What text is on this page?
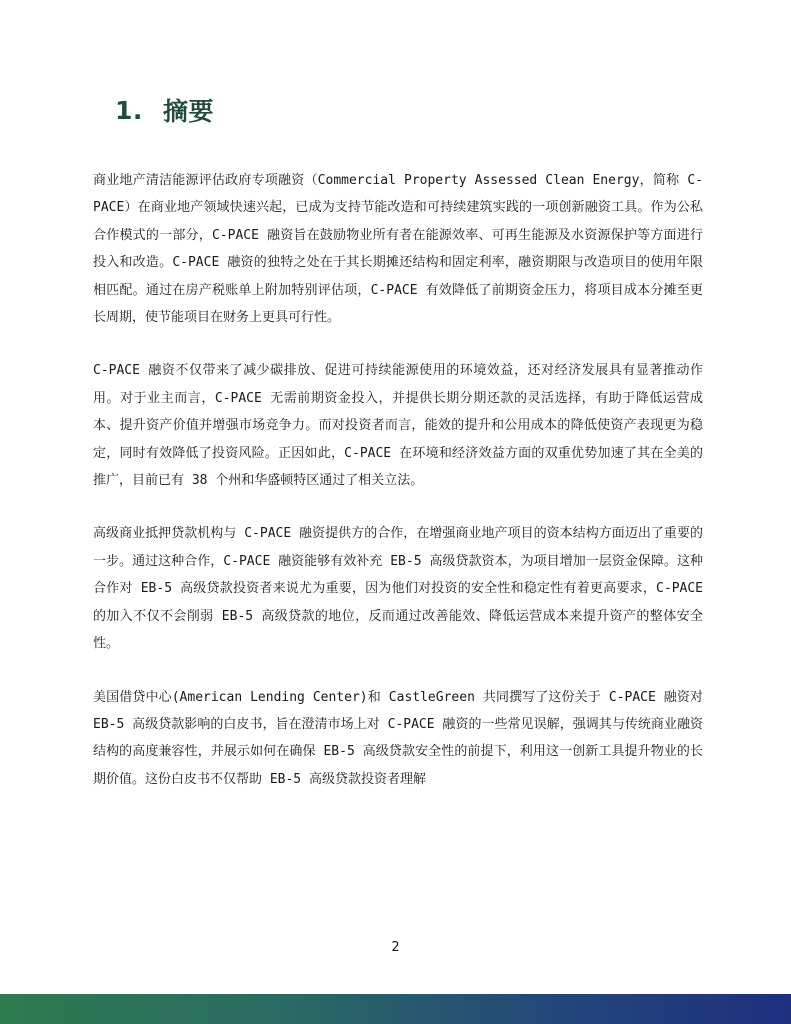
1. 摘要

商业地产清洁能源评估政府专项融资（Commercial Property Assessed Clean Energy，简称 C-PACE）在商业地产领域快速兴起，已成为支持节能改造和可持续建筑实践的一项创新融资工具。作为公私合作模式的一部分，C-PACE 融资旨在鼓励物业所有者在能源效率、可再生能源及水资源保护等方面进行投入和改造。C-PACE 融资的独特之处在于其长期摊还结构和固定利率，融资期限与改造项目的使用年限相匹配。通过在房产税账单上附加特别评估项，C-PACE 有效降低了前期资金压力，将项目成本分摊至更长周期，使节能项目在财务上更具可行性。

C-PACE 融资不仅带来了减少碳排放、促进可持续能源使用的环境效益，还对经济发展具有显著推动作用。对于业主而言，C-PACE 无需前期资金投入，并提供长期分期还款的灵活选择，有助于降低运营成本、提升资产价值并增强市场竞争力。而对投资者而言，能效的提升和公用成本的降低使资产表现更为稳定，同时有效降低了投资风险。正因如此，C-PACE 在环境和经济效益方面的双重优势加速了其在全美的推广，目前已有 38 个州和华盛顿特区通过了相关立法。

高级商业抵押贷款机构与 C-PACE 融资提供方的合作，在增强商业地产项目的资本结构方面迈出了重要的一步。通过这种合作，C-PACE 融资能够有效补充 EB-5 高级贷款资本，为项目增加一层资金保障。这种合作对 EB-5 高级贷款投资者来说尤为重要，因为他们对投资的安全性和稳定性有着更高要求，C-PACE 的加入不仅不会削弱 EB-5 高级贷款的地位，反而通过改善能效、降低运营成本来提升资产的整体安全性。

美国借贷中心(American Lending Center)和 CastleGreen 共同撰写了这份关于 C-PACE 融资对 EB-5 高级贷款影响的白皮书，旨在澄清市场上对 C-PACE 融资的一些常见误解，强调其与传统商业融资结构的高度兼容性，并展示如何在确保 EB-5 高级贷款安全性的前提下，利用这一创新工具提升物业的长期价值。这份白皮书不仅帮助 EB-5 高级贷款投资者理解

2
